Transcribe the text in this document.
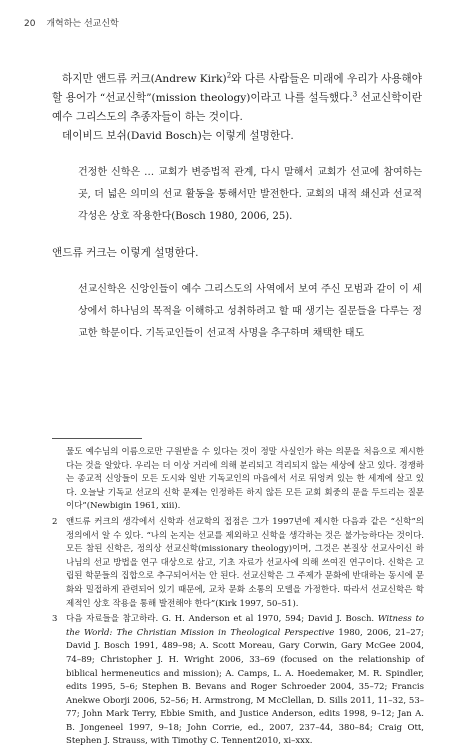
20 개혁하는 선교신학

하지만 앤드류 커크(Andrew Kirk)$^2$와 다른 사람들은 미래에 우리가 사용해야 할 용어가 “선교신학”(mission theology)이라고 나를 설득했다.$^3$ 선교신학이란 예수 그리스도의 추종자들이 하는 것이다.

데이비드 보쉬(David Bosch)는 이렇게 설명한다.

건정한 신학은 … 교회가 변증법적 관계, 다시 말해서 교회가 선교에 참여하는 곳, 더 넓은 의미의 선교 활동을 통해서만 발전한다. 교회의 내적 쇄신과 선교적 각성은 상호 작용한다(Bosch 1980, 2006, 25).

앤드류 커크는 이렇게 설명한다.

선교신학은 신앙인들이 예수 그리스도의 사역에서 보여 주신 모범과 같이 이 세상에서 하나님의 목적을 이해하고 성취하려고 할 때 생기는 질문들을 다루는 정교한 학문이다. 기독교인들이 선교적 사명을 추구하며 채택한 태도

물도 예수님의 이름으로만 구원받을 수 있다는 것이 정말 사실인가 하는 의문을 처음으로 제시한다는 것을 알았다. 우리는 더 이상 거리에 의해 분리되고 격리되지 않는 세상에 살고 있다. 경쟁하는 종교적 신앙들이 모든 도시와 일반 기독교인의 마음에서 서로 뒤엉켜 있는 한 세계에 살고 있다. 오늘날 기독교 선교의 신학 문제는 인정하든 하지 않든 모든 교회 회중의 문을 두드리는 질문이다”(Newbigin 1961, xiii).

2	앤드류 커크의 생각에서 신학과 선교학의 접점은 그가 1997년에 제시한 다음과 같은 “신학”의 정의에서 알 수 있다. “나의 논지는 선교를 제외하고 신학을 생각하는 것은 불가능하다는 것이다. 모든 참된 신학은, 정의상 선교신학(missionary theology)이며, 그것은 본질상 선교사이신 하나님의 선교 방법을 연구 대상으로 삼고, 기초 자료가 선교사에 의해 쓰여진 연구이다. 신학은 고립된 학문들의 집합으로 추구되어서는 안 된다. 선교신학은 그 주제가 문화에 반대하는 동시에 문화와 밀접하게 관련되어 있기 때문에, 교차 문화 소통의 모델을 가정한다. 따라서 선교신학은 학제적인 상호 작용을 통해 발전해야 한다”(Kirk 1997, 50–51).

3	다음 자료들을 참고하라. G. H. Anderson et al 1970, 594; David J. Bosch. Witness to the World: The Christian Mission in Theological Perspective 1980, 2006, 21–27; David J. Bosch 1991, 489–98; A. Scott Moreau, Gary Corwin, Gary McGee 2004, 74–89; Christopher J. H. Wright 2006, 33–69 (focused on the relationship of biblical hermeneutics and mission); A. Camps, L. A. Hoedemaker, M. R. Spindler, edits 1995, 5–6; Stephen B. Bevans and Roger Schroeder 2004, 35–72; Francis Anekwe Oborji 2006, 52–56; H. Armstrong, M McClellan, D. Sills 2011, 11–32, 53–77; John Mark Terry, Ebbie Smith, and Justice Anderson, edits 1998, 9–12; Jan A. B. Jongeneel 1997, 9–18; John Corrie, ed., 2007, 237–44, 380–84; Craig Ott, Stephen J. Strauss, with Timothy C. Tennent2010, xi–xxx.
